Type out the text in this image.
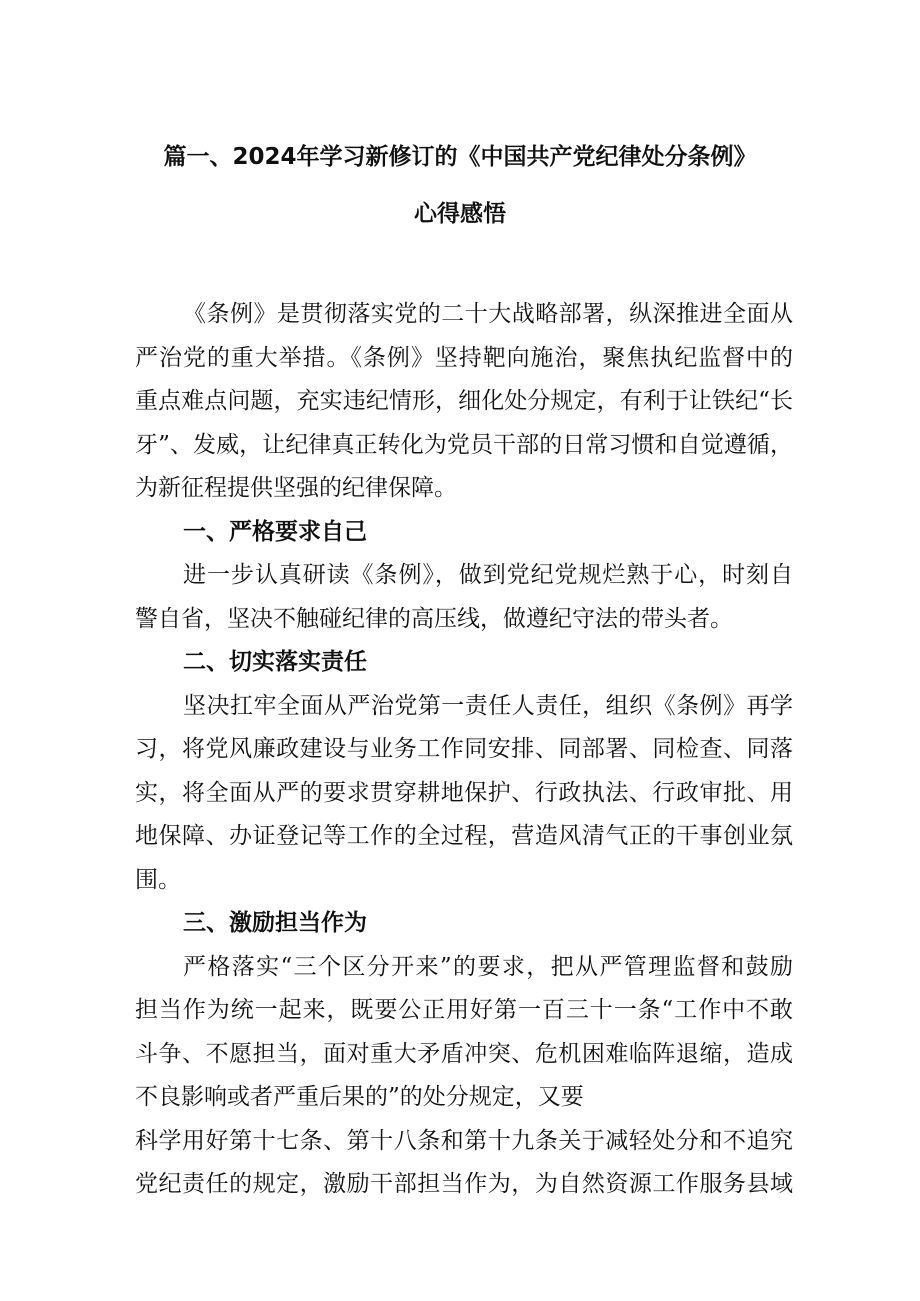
篇一、2024年学习新修订的《中国共产党纪律处分条例》
心得感悟
《条例》是贯彻落实党的二十大战略部署，纵深推进全面从
严治党的重大举措。《条例》坚持靶向施治，聚焦执纪监督中的
重点难点问题，充实违纪情形，细化处分规定，有利于让铁纪“长
牙”、发威，让纪律真正转化为党员干部的日常习惯和自觉遵循，
为新征程提供坚强的纪律保障。
一、严格要求自己
进一步认真研读《条例》，做到党纪党规烂熟于心，时刻自
警自省，坚决不触碰纪律的高压线，做遵纪守法的带头者。
二、切实落实责任
坚决扛牢全面从严治党第一责任人责任，组织《条例》再学
习，将党风廉政建设与业务工作同安排、同部署、同检查、同落
实，将全面从严的要求贯穿耕地保护、行政执法、行政审批、用
地保障、办证登记等工作的全过程，营造风清气正的干事创业氛
围。
三、激励担当作为
严格落实“三个区分开来”的要求，把从严管理监督和鼓励
担当作为统一起来，既要公正用好第一百三十一条“工作中不敢
斗争、不愿担当，面对重大矛盾冲突、危机困难临阵退缩，造成
不良影响或者严重后果的”的处分规定，又要
科学用好第十七条、第十八条和第十九条关于减轻处分和不追究
党纪责任的规定，激励干部担当作为，为自然资源工作服务县域
